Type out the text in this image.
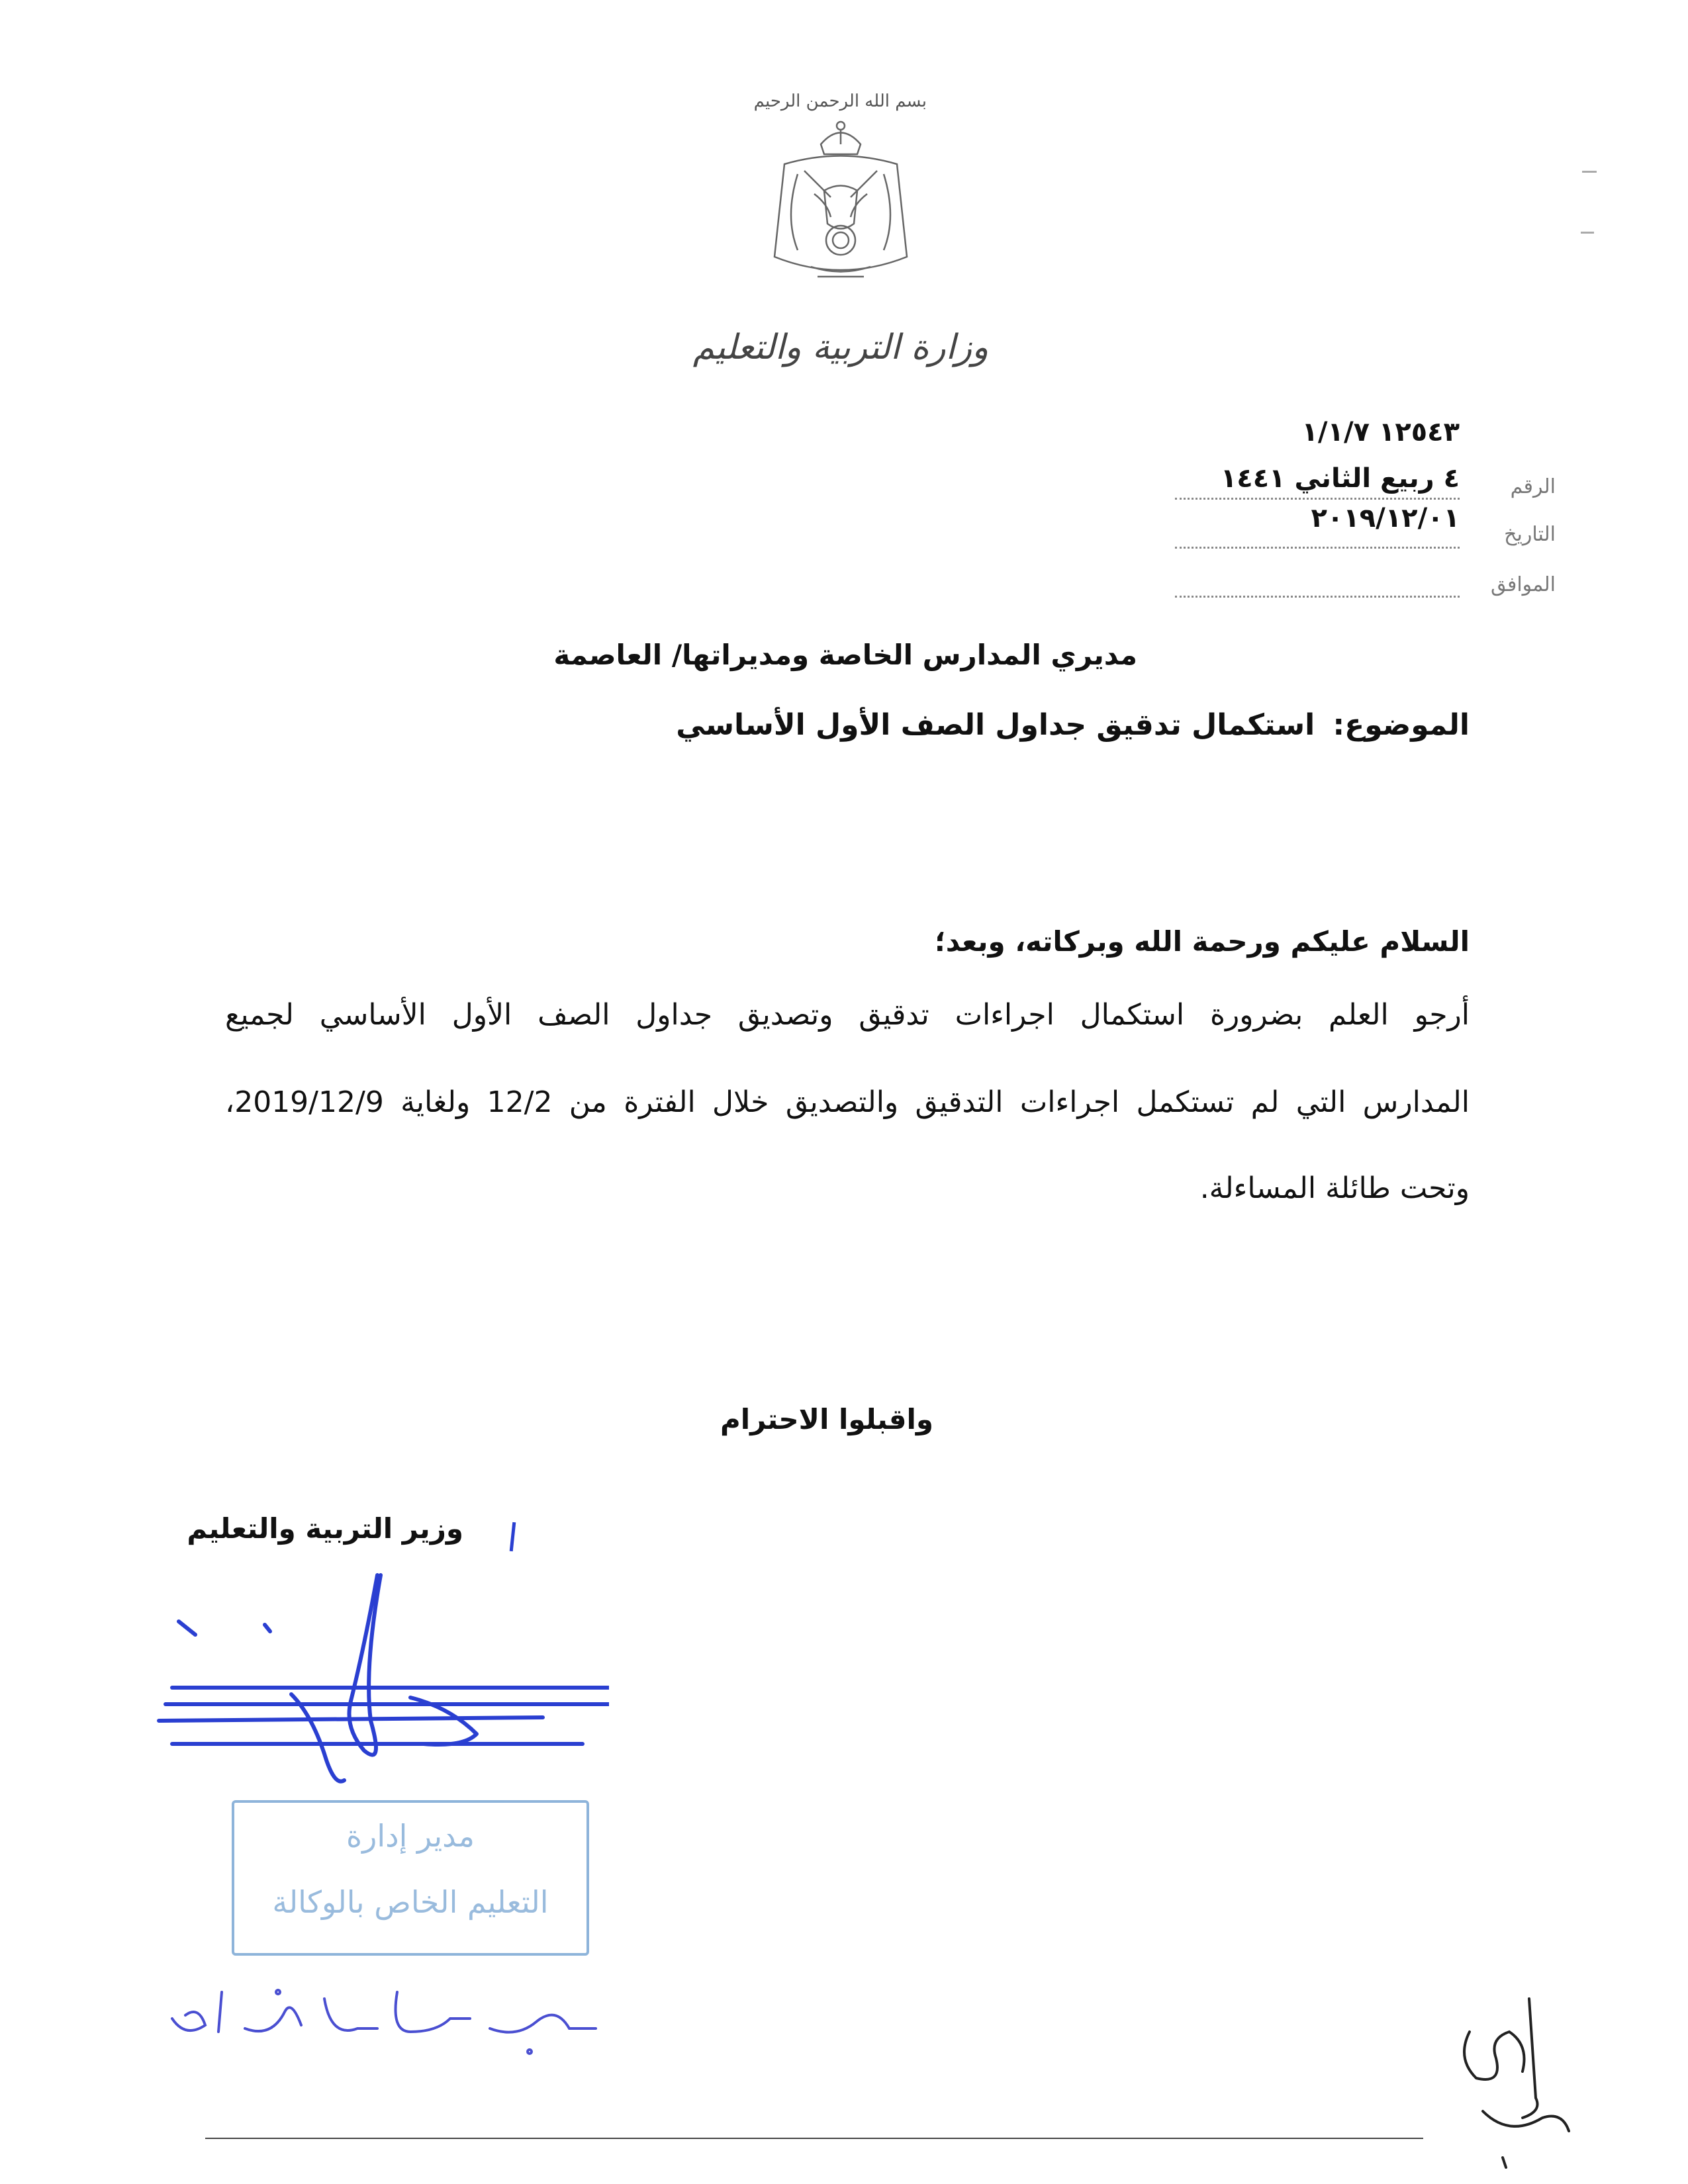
بسم الله الرحمن الرحيم
وزارة التربية والتعليم
١٢٥٤٣ ١/١/٧
٤ ربيع الثاني ١٤٤١
٢٠١٩/١٢/٠١
الرقم
التاريخ
الموافق
مديري المدارس الخاصة ومديراتها/ العاصمة
الموضوع: استكمال تدقيق جداول الصف الأول الأساسي
السلام عليكم ورحمة الله وبركاته، وبعد؛
أرجو العلم بضرورة استكمال اجراءات تدقيق وتصديق جداول الصف الأول الأساسي لجميع
المدارس التي لم تستكمل اجراءات التدقيق والتصديق خلال الفترة من 12/2 ولغاية 2019/12/9،
وتحت طائلة المساءلة.
واقبلوا الاحترام
وزير التربية والتعليم
مدير إدارة
التعليم الخاص بالوكالة
